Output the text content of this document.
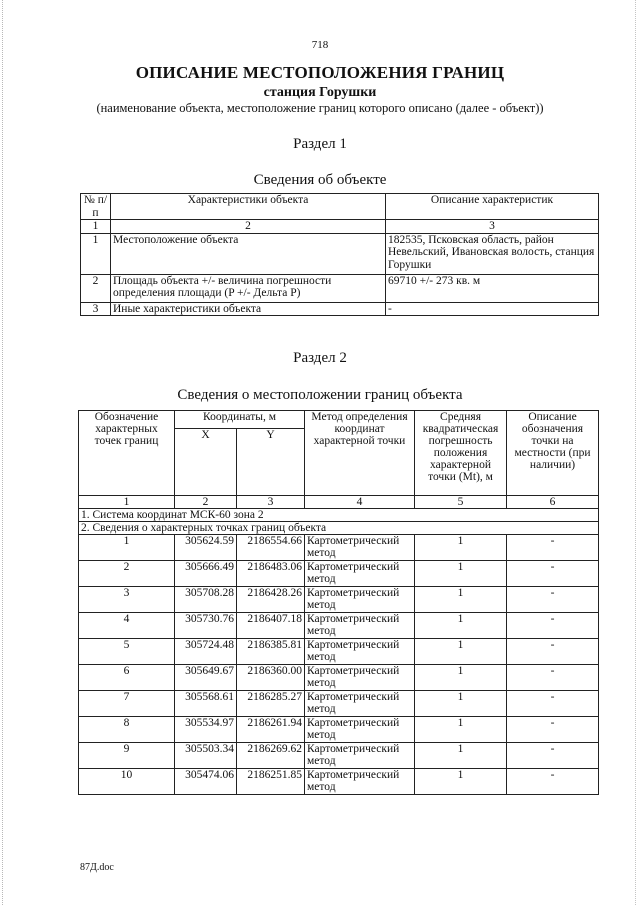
718
ОПИСАНИЕ МЕСТОПОЛОЖЕНИЯ ГРАНИЦ
станция Горушки
(наименование объекта, местоположение границ которого описано (далее - объект))
Раздел 1
Сведения об объекте
№ п/п	Характеристики объекта	Описание характеристик
1	2	3
1	Местоположение объекта	182535, Псковская область, район Невельский, Ивановская волость, станция Горушки
2	Площадь объекта +/- величина погрешности определения площади (P +/- Дельта P)	69710 +/- 273 кв. м
3	Иные характеристики объекта	-
Раздел 2
Сведения о местоположении границ объекта
Обозначение характерных точек границ	Координаты, м		Метод определения координат характерной точки	Средняя квадратическая погрешность положения характерной точки (Mt), м	Описание обозначения точки на местности (при наличии)
	X	Y			
1	2	3	4	5	6
1. Система координат МСК-60 зона 2					
2. Сведения о характерных точках границ объекта					
1	305624.59	2186554.66	Картометрический метод	1	-
2	305666.49	2186483.06	Картометрический метод	1	-
3	305708.28	2186428.26	Картометрический метод	1	-
4	305730.76	2186407.18	Картометрический метод	1	-
5	305724.48	2186385.81	Картометрический метод	1	-
6	305649.67	2186360.00	Картометрический метод	1	-
7	305568.61	2186285.27	Картометрический метод	1	-
8	305534.97	2186261.94	Картометрический метод	1	-
9	305503.34	2186269.62	Картометрический метод	1	-
10	305474.06	2186251.85	Картометрический метод	1	-
87Д.doc
